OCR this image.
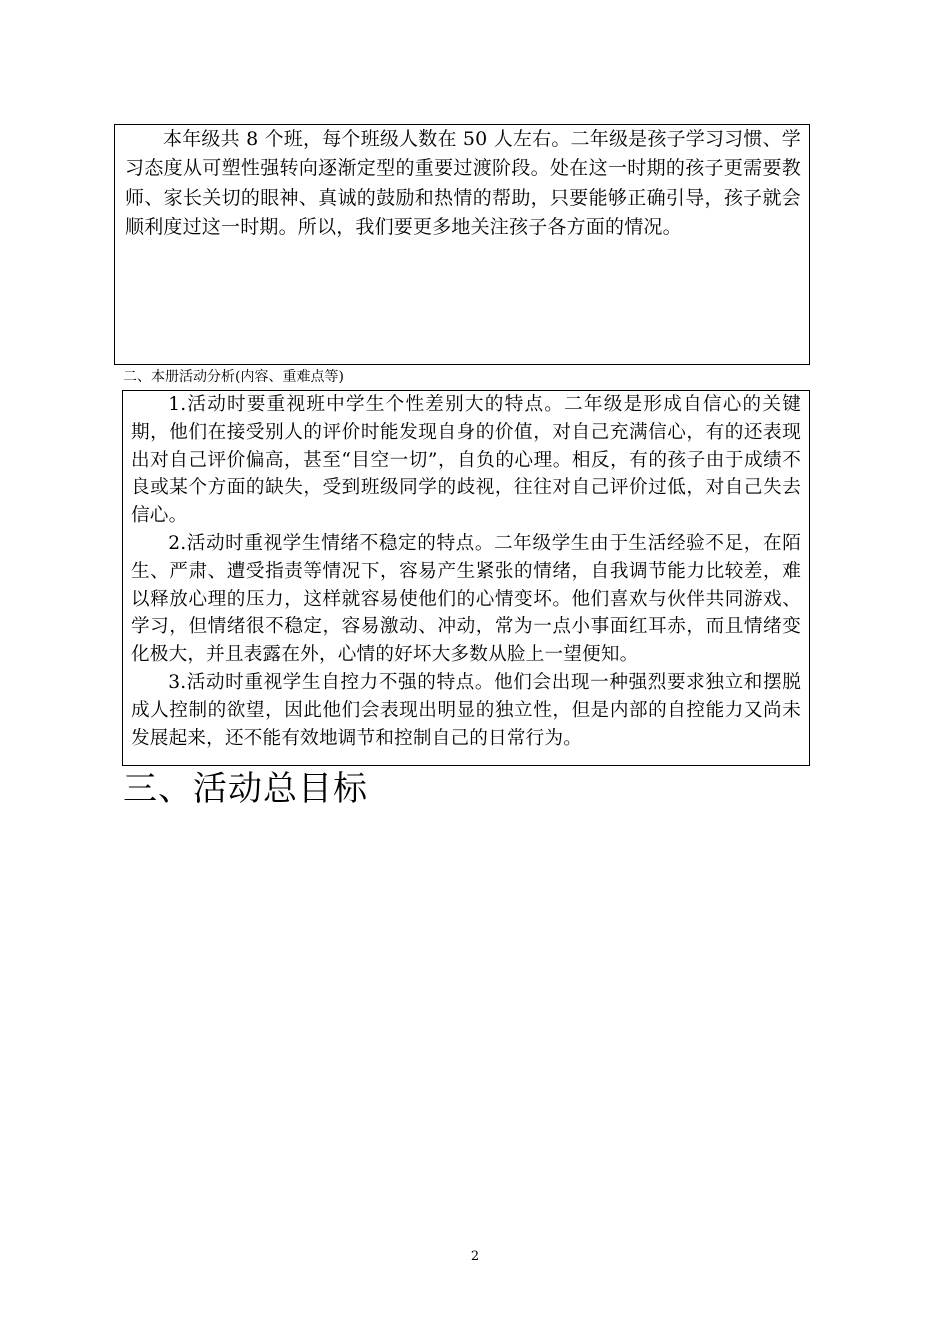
本年级共 8 个班，每个班级人数在 50 人左右。二年级是孩子学习习惯、学习态度从可塑性强转向逐渐定型的重要过渡阶段。处在这一时期的孩子更需要教师、家长关切的眼神、真诚的鼓励和热情的帮助，只要能够正确引导，孩子就会顺利度过这一时期。所以，我们要更多地关注孩子各方面的情况。

二、本册活动分析(内容、重难点等)

1.活动时要重视班中学生个性差别大的特点。二年级是形成自信心的关键期，他们在接受别人的评价时能发现自身的价值，对自己充满信心，有的还表现出对自己评价偏高，甚至“目空一切”，自负的心理。相反，有的孩子由于成绩不良或某个方面的缺失，受到班级同学的歧视，往往对自己评价过低，对自己失去信心。

2.活动时重视学生情绪不稳定的特点。二年级学生由于生活经验不足，在陌生、严肃、遭受指责等情况下，容易产生紧张的情绪，自我调节能力比较差，难以释放心理的压力，这样就容易使他们的心情变坏。他们喜欢与伙伴共同游戏、学习，但情绪很不稳定，容易激动、冲动，常为一点小事面红耳赤，而且情绪变化极大，并且表露在外，心情的好坏大多数从脸上一望便知。

3.活动时重视学生自控力不强的特点。他们会出现一种强烈要求独立和摆脱成人控制的欲望，因此他们会表现出明显的独立性，但是内部的自控能力又尚未发展起来，还不能有效地调节和控制自己的日常行为。

三、活动总目标
2
